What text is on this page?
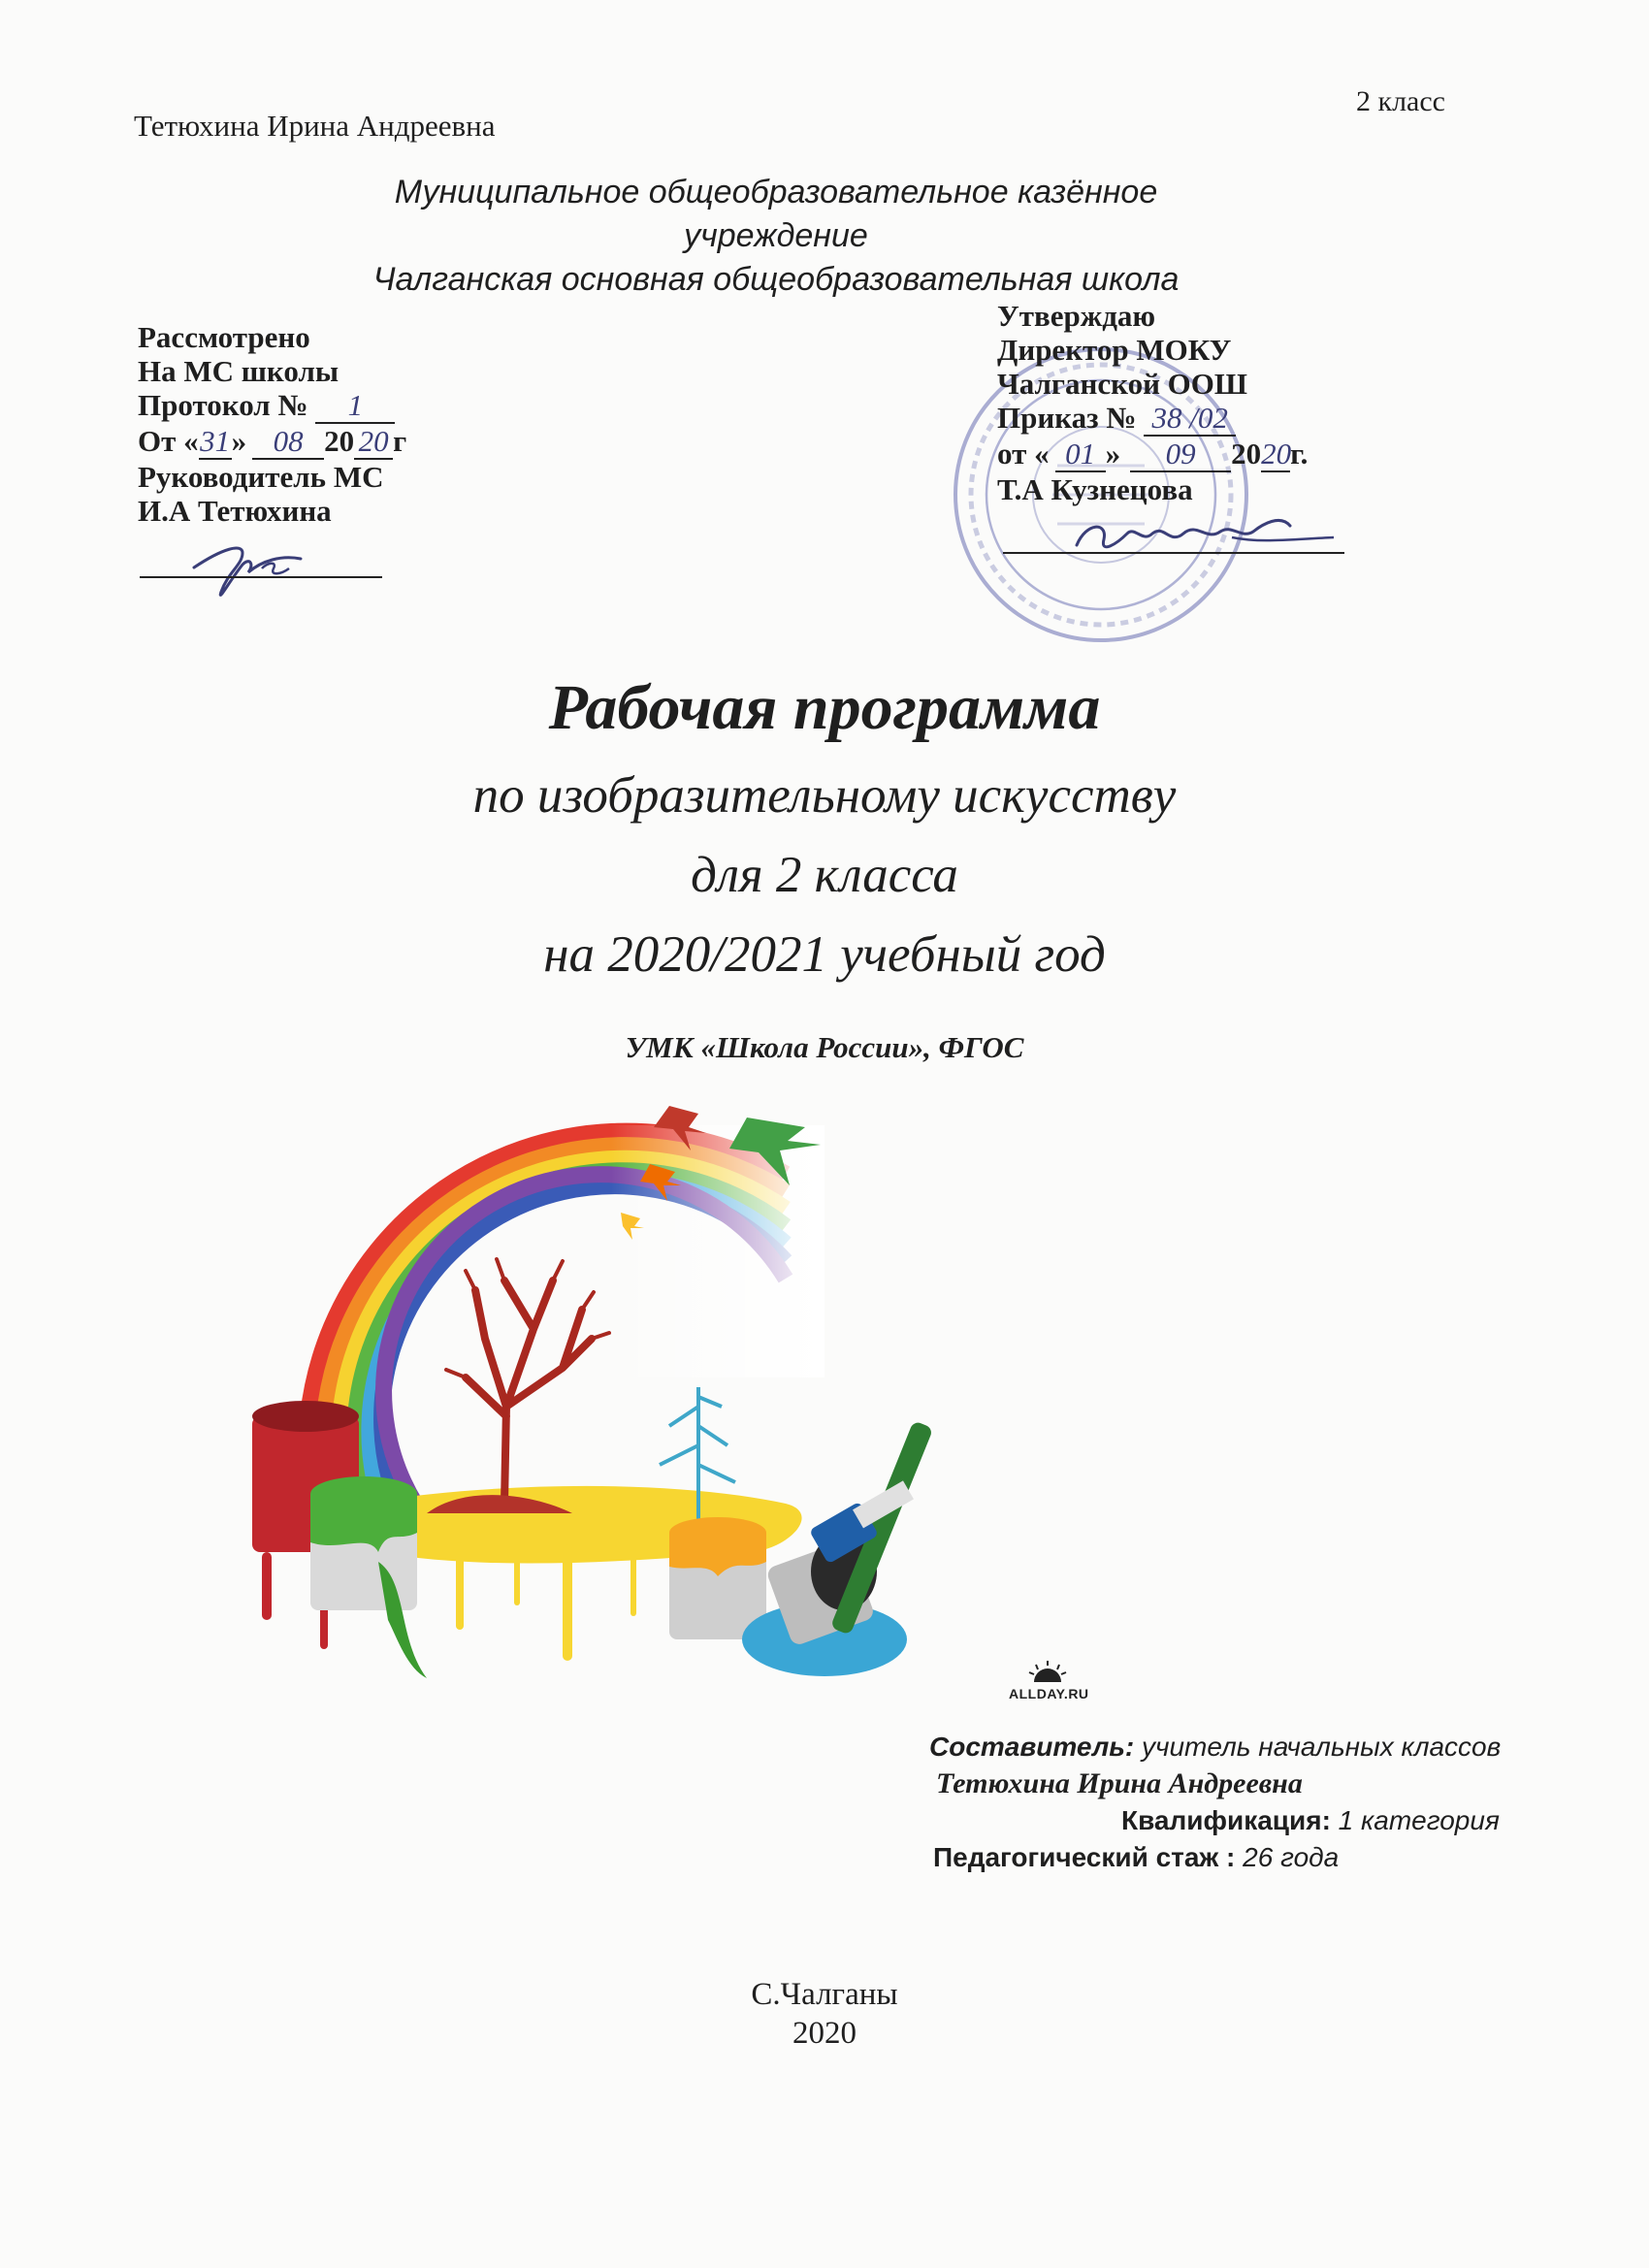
Тетюхина Ирина Андреевна
2 класс
Муниципальное общеобразовательное казённое учреждение
Чалганская основная общеобразовательная школа
Рассмотрено
На МС школы
Протокол № 1
От «31» 08 20 20 г
Руководитель МС
И.А Тетюхина
Утверждаю
Директор МОКУ
Чалганской ООШ
Приказ № 38 /02
от « 01 » 09 2020г.
Т.А Кузнецова
Рабочая программа
по изобразительному искусству
для 2 класса
на 2020/2021 учебный год
УМК «Школа России», ФГОС
ALLDAY.RU
Составитель: учитель начальных классов
Тетюхина Ирина Андреевна
Квалификация: 1 категория
Педагогический стаж : 26 года
С.Чалганы
2020
